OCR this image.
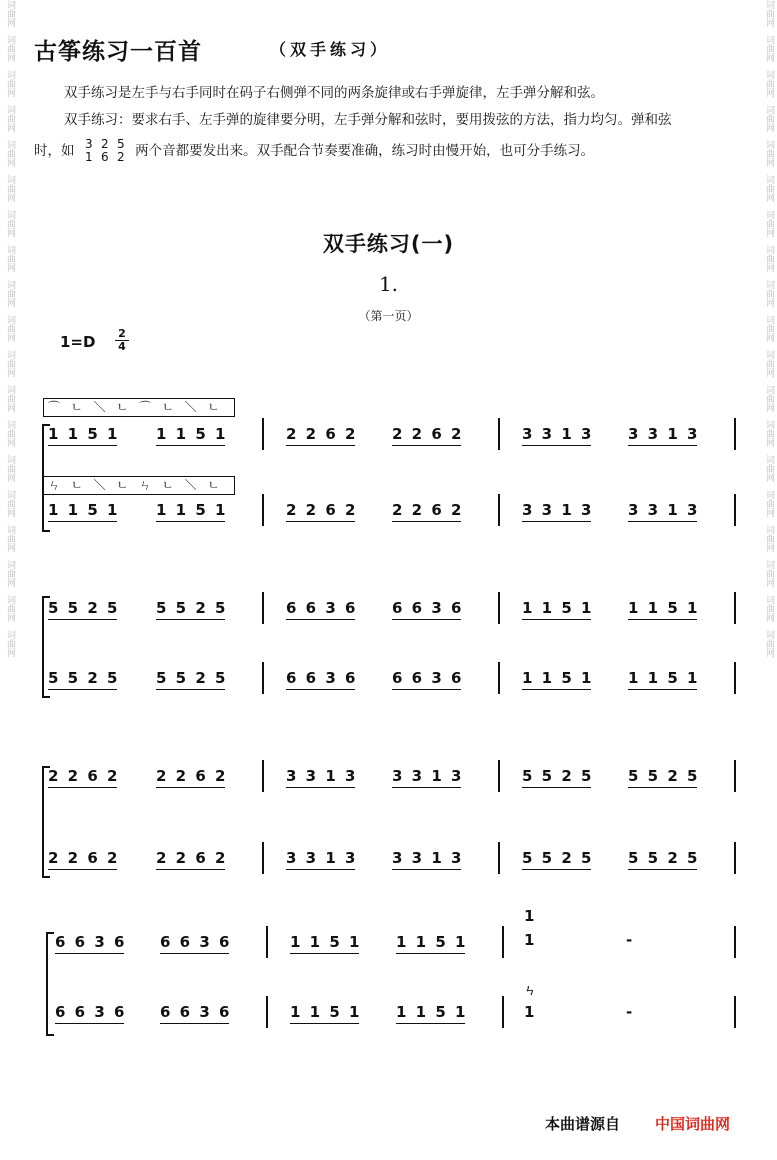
词曲网
词曲网
词曲网
词曲网
词曲网
词曲网
词曲网
词曲网
词曲网
词曲网
词曲网
词曲网
词曲网
词曲网
词曲网
词曲网
词曲网
词曲网
词曲网
词曲网
词曲网
词曲网
词曲网
词曲网
词曲网
词曲网
词曲网
词曲网
词曲网
词曲网
词曲网
词曲网
词曲网
词曲网
词曲网
词曲网
词曲网
词曲网
古筝练习一百首	（双手练习）
双手练习是左手与右手同时在码子右侧弹不同的两条旋律或右手弹旋律，左手弹分解和弦。
双手练习：要求右手、左手弹的旋律要分明，左手弹分解和弦时，要用拨弦的方法，指力均匀。弹和弦
时，如 3 2 5
1 6 2 两个音都要发出来。双手配合节奏要准确，练习时由慢开始，也可分手练习。
双手练习(一)
1.
（第一页）
1=D 2
4
⌒ㄴ＼ㄴ⌒ㄴ＼ㄴ
ㄣㄴ＼ㄴㄣㄴ＼ㄴ
1 1 5 1 1 1 5 1	2 2 6 2 2 2 6 2	3 3 1 3 3 3 1 3
1 1 5 1 1 1 5 1	2 2 6 2 2 2 6 2	3 3 1 3 3 3 1 3
5 5 2 5 5 5 2 5	6 6 3 6 6 6 3 6	1 1 5 1 1 1 5 1
5 5 2 5 5 5 2 5	6 6 3 6 6 6 3 6	1 1 5 1 1 1 5 1
2 2 6 2 2 2 6 2	3 3 1 3 3 3 1 3	5 5 2 5 5 5 2 5
2 2 6 2 2 2 6 2	3 3 1 3 3 3 1 3	5 5 2 5 5 5 2 5
6 6 3 6 6 6 3 6	1 1 5 1 1 1 5 1
6 6 3 6 6 6 3 6	1 1 5 1 1 1 5 1
1
1	-
ㄣ
1	-
本曲谱源自 中国词曲网
